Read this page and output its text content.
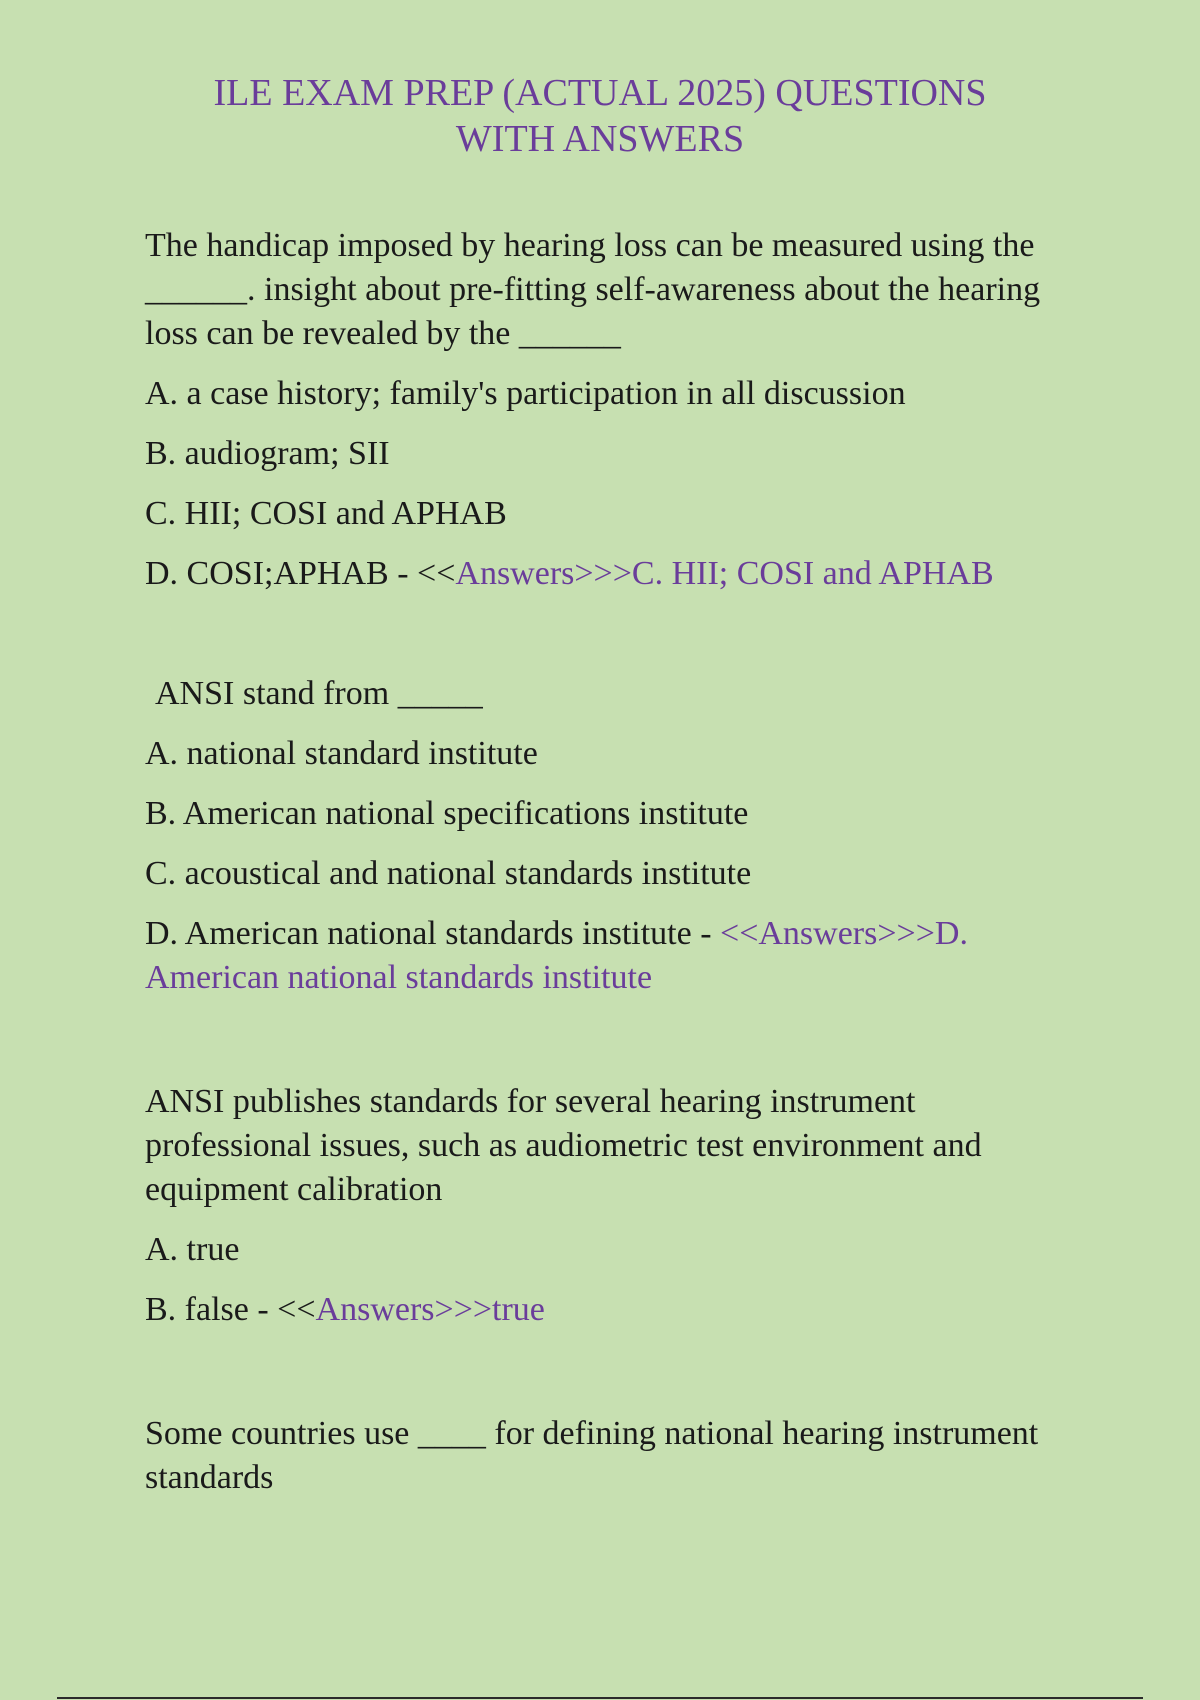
ILE EXAM PREP (ACTUAL 2025) QUESTIONS
WITH ANSWERS

The handicap imposed by hearing loss can be measured using the ______. insight about pre-fitting self-awareness about the hearing loss can be revealed by the ______

A. a case history; family's participation in all discussion

B. audiogram; SII

C. HII; COSI and APHAB

D. COSI;APHAB - <<Answers>>>C. HII; COSI and APHAB

ANSI stand from _____

A. national standard institute

B. American national specifications institute

C. acoustical and national standards institute

D. American national standards institute - <<Answers>>>D. American national standards institute

ANSI publishes standards for several hearing instrument professional issues, such as audiometric test environment and equipment calibration

A. true

B. false - <<Answers>>>true

Some countries use ____ for defining national hearing instrument standards
